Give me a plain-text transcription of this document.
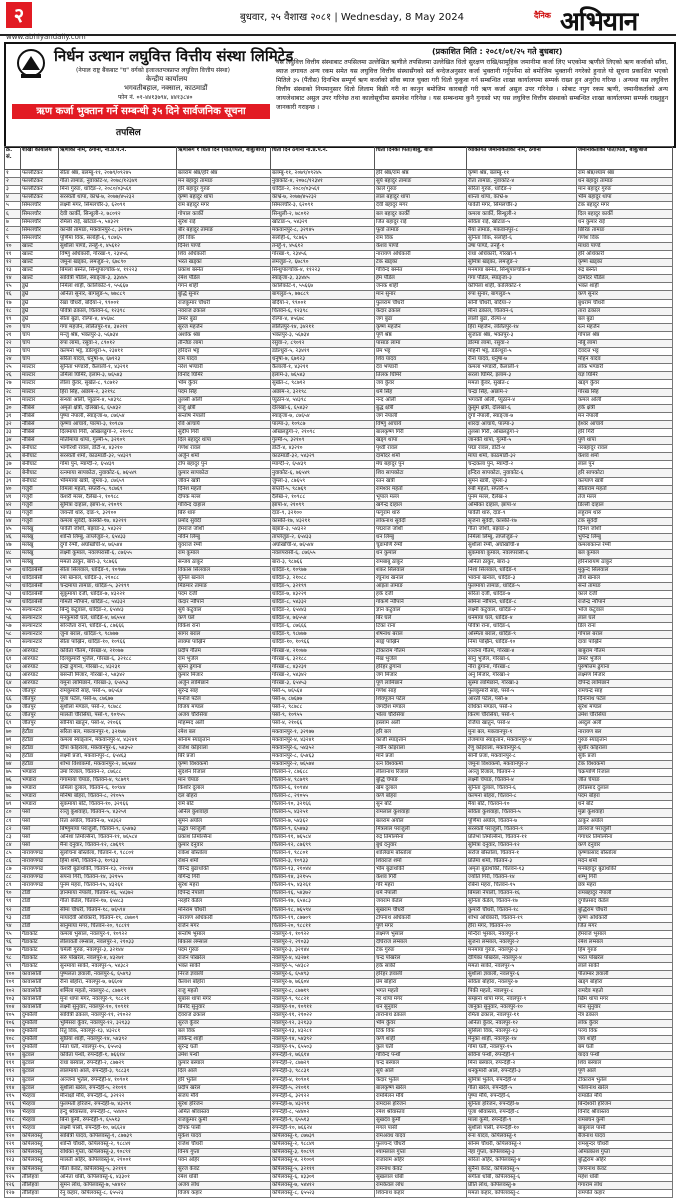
२	बुधवार, २५ वैशाख २०८१ | Wednesday, 8 May 2024	दैनिक अभियान
www.abhiyandaily.com
निर्धन उत्थान लघुवित्त वित्तीय संस्था लिमिटेड
(नेपाल राष्ट्र बैंकबाट "घ" वर्गको इजाजतपत्रप्राप्त लघुवित्त वित्तीय संस्था)
केन्द्रीय कार्यालय
भगवतीबहाल, नक्साल, काठमाडौं
फोन नं. ०१-४४१३७९४, ४४१३८४०
ऋण कर्जा भुक्तान गर्ने सम्बन्धी ३५ दिने सार्वजनिक सूचना
तपसिल
(प्रकाशित मिति : २०८१/०१/२५ गते बुधबार)
यस लघुवित्त वित्तीय संस्थाबाट तपसिलमा उल्लेखित ऋणीले तपसिलमा उल्लेखित धितो सुरक्षण राखि/सामूहिक जमानीमा कर्जा लिए भएकोमा ऋणीले लिएको ऋण कर्जाको साँवा, ब्याज लगायत अन्य रकम समेत यस लघुवित्त वित्तीय संस्थासँगको सर्त बन्देजअनुसार कर्जा भुक्तानी गर्नुपर्नेमा सो बमोजिम भुक्तानी नगरेको हुनाले यो सूचना प्रकाशित भएको मितिले ३५ (पैंतीस) दिनभित्र सम्पूर्ण ऋण कर्जाको साँवा ब्याज चुक्ता गरी धितो फुकुवा गर्न सम्बन्धित शाखा कार्यालयमा सम्पर्क राख्न हुन अनुरोध गरिन्छ । अन्यथा यस लघुवित्त वित्तीय संस्थाको नियमानुसार धितो लिलाम बिक्री गरी वा कानुन बमोजिम कारबाही गरी ऋण कर्जा असुल उपर गरिनेछ । सोबाट नपुग रकम ऋणी, जमानीकर्ताको अन्य जायजेथाबाट असुल उपर गरिनेछ तथा कालोसूचीमा समावेश गरिनेछ । यस सम्बन्धमा कुनै गुनासो भए यस लघुवित्त वित्तीय संस्थाको सम्बन्धित शाखा कार्यालयमा सम्पर्क राख्नुहुन जानकारी गराइन्छ ।
क्र. सं.	शाखा कार्यालय	ऋणीको नाम, ठेगाना, ना.प्र.प.नं.	ऋणीसँग १ धितो दिने (पति/पिता, बाबु/बाजे)	धितो दिने ठेगाना ना.प्र.प.नं.	धितो दिनेको पिता/बाबु, बाजे	व्यक्तिगत जमानीकर्ताको नाम, ठेगाना	जमानीकर्ताको पति/पिता, बाबु/बाजे
१	फल्लेटिकर	सीता श्रेष्ठ, बलम्बु-११, २०७९/०९२४५	बलराम श्रेष्ठ/हरि श्रेष्ठ	बलम्बु-११, २०७९/०९२४५	हरि श्रेष्ठ/राम श्रेष्ठ	कृष्ण श्रेष्ठ, बलम्बु-११	राम श्रेष्ठ/श्याम श्रेष्ठ
२	फल्लेटिकर	गीता तामाङ, नुवाकोट-४, २०७८/१२३४१	मन बहादुर तामाङ	नुवाकोट-४, २०७८/१२३४१	सुर्य बहादुर तामाङ	रीता तामाङ, नुवाकोट-४	धन बहादुर तामाङ
३	फल्लेटिकर	मिना गुरुङ, धादिङ-२, २०८०/०३५६१	हरि बहादुर गुरुङ	धादिङ-२, २०८०/०३५६१	काले गुरुङ	सरिता गुरुङ, धादिङ-२	मान बहादुर गुरुङ
४	फल्लेटिकर	सरस्वती थापा, काभ्रे-७, २०७७/४५२३२	कृष्ण बहादुर थापा	काभ्रे-७, २०७७/४५२३२	लाल बहादुर थापा	शान्ता थापा, काभ्रे-७	भीम बहादुर थापा
५	सिमलचौर	लक्ष्मी मगर, सिमलचौर-३, ६२०९१	राम बहादुर मगर	सिमलचौर-३, ६२०९१	देवी बहादुर मगर	पार्वती मगर, सिमलचौर-३	टेक बहादुर मगर
६	सिमलचौर	देवी कार्की, सिन्धुली-२, ७८०१२	गोपाल कार्की	सिन्धुली-२, ७८०१२	बल बहादुर कार्की	कमला कार्की, सिन्धुली-२	दिल बहादुर कार्की
७	सिमलचौर	रमिला राई, खोटाङ-५, ५४३२१	सुरेश राई	खोटाङ-५, ५४३२१	जित बहादुर राई	सविता राई, खोटाङ-५	धन कुमार राई
८	सिमलचौर	कान्छी तामाङ, मकवानपुर-८, ३२१४५	बीर बहादुर तामाङ	मकवानपुर-८, ३२१४५	फूर्वा तामाङ	मैया तामाङ, मकवानपुर-८	छिरिङ तामाङ
९	सिमलचौर	पूर्णिमा विक, सर्लाही-६, ९८७६५	हरि विक	सर्लाही-६, ९८७६५	राम विक	सुनिता विक, सर्लाही-६	गणेश विक
१०	खाल्टे	सुशीला पाण्डे, तनहुँ-१, ४५६१२	दिनेश पाण्डे	तनहुँ-१, ४५६१२	केशव पाण्डे	उषा पाण्डे, तनहुँ-१	माधव पाण्डे
११	खाल्टे	विष्णु अधिकारी, गोरखा-९, २३४५६	शिव अधिकारी	गोरखा-९, २३४५६	नारायण अधिकारी	राधा अधिकारी, गोरखा-९	हरि अधिकारी
१२	खाल्टे	जमुना खड्का, लमजुङ-२, ६७८९०	भरत खड्का	लमजुङ-२, ६७८९०	टेक खड्का	सुमित्रा खड्का, लमजुङ-२	कृष्ण खड्का
१३	खाल्टे	बिमला बस्नेत, सिन्धुपाल्चोक-४, ११२२३	प्रकाश बस्नेत	सिन्धुपाल्चोक-४, ११२२३	गोविन्द बस्नेत	मनमाया बस्नेत, सिन्धुपाल्चोक-४	रुद्र बस्नेत
१४	खाल्टे	सावित्री पौडेल, स्याङ्जा-३, ३३४४५	रमेश पौडेल	स्याङ्जा-३, ३३४४५	हेम पौडेल	गंगा पौडेल, स्याङ्जा-३	दामोदर पौडेल
१५	डुम्रे	निर्मला शाही, कालिकोट-१, ५५६६७	गगन शाही	कालिकोट-१, ५५६६७	जनक शाही	कोपिला शाही, कालिकोट-१	भक्त शाही
१६	डुम्रे	अनिता सुनार, बागलुङ-५, ७७८८९	बुद्धि सुनार	बागलुङ-५, ७७८८९	मान सुनार	रुपा सुनार, बागलुङ-५	कर्ण सुनार
१७	डुम्रे	रेखा चौधरी, बर्दिया-२, ९९००१	राजकुमार चौधरी	बर्दिया-२, ९९००१	फुलराम चौधरी	सोनी चौधरी, बर्दिया-२	बुधराम चौधरी
१८	डुम्रे	पवित्रा ढकाल, चितवन-६, १२३९८	नवराज ढकाल	चितवन-६, १२३९८	केदार ढकाल	मीना ढकाल, चितवन-६	तारा ढकाल
१९	डुम्रे	सीता बुढा, रोल्पा-४, ४५६७८	डम्बर बुढा	रोल्पा-४, ४५६७८	जग बुढा	लाली बुढा, रोल्पा-४	बल बुढा
२०	चाप	गंगा महर्जन, ललितपुर-१४, ३४२११	सुरज महर्जन	ललितपुर-१४, ३४२११	कृष्ण महर्जन	हिरा महर्जन, ललितपुर-१४	रत्न महर्जन
२१	चाप	मन्जु श्रेष्ठ, भक्तपुर-३, ५६७३४	अशोक श्रेष्ठ	भक्तपुर-३, ५६७३४	पूर्ण श्रेष्ठ	सुजाता श्रेष्ठ, भक्तपुर-३	गोपाल श्रेष्ठ
२२	चाप	रुपा लामा, रसुवा-२, ८९०१२	तेन्जिङ लामा	रसुवा-२, ८९०१२	पासाङ लामा	डोल्मा लामा, रसुवा-२	नोर्बु लामा
२३	चाप	कल्पना भट्ट, डडेल्धुरा-५, २३४११	हरिदत्त भट्ट	डडेल्धुरा-५, २३४११	प्रेम भट्ट	मोहनी भट्ट, डडेल्धुरा-५	देवदत्त भट्ट
२४	चाप	सरिता यादव, धनुषा-७, ६७१२३	राम यादव	धनुषा-७, ६७१२३	शिव यादव	रीना यादव, धनुषा-७	मोहन यादव
२५	माल्टार	सुनिता भण्डारी, कैलाली-१, ४३२११	नरेश भण्डारी	कैलाली-१, ४३२११	देव भण्डारी	कमला भण्डारी, कैलाली-१	लोक भण्डारी
२६	माल्टार	उर्मिला घिमिरे, इलाम-३, ७६५४३	विनोद घिमिरे	इलाम-३, ७६५४३	तिलक घिमिरे	सरला घिमिरे, इलाम-३	यज्ञ घिमिरे
२७	माल्टार	लीला कुँवर, सुर्खेत-८, ९८७१२	भीम कुँवर	सुर्खेत-८, ९८७१२	जय कुँवर	ममता कुँवर, सुर्खेत-८	खड्ग कुँवर
२८	माल्टार	हिरा सिंह, अछाम-२, ३२१९८	पदम सिंह	अछाम-२, ३२१९८	धर्म सिंह	चन्द्रा सिंह, अछाम-२	गोरख सिंह
२९	माल्टार	सन्ध्या ओली, प्युठान-४, ५४३९८	तुलसी ओली	प्युठान-४, ५४३९८	नन्द ओली	भगवती ओली, प्युठान-४	कमल ओली
३०	नौबिसे	अमृता क्षेत्री, दोलखा-६, ६५४३२	राजु क्षेत्री	दोलखा-६, ६५४३२	बुद्ध क्षेत्री	कुसुम क्षेत्री, दोलखा-६	हर्क क्षेत्री
३१	नौबिसे	पुष्पा नेपाली, स्याङ्जा-७, ८७६५४	सन्तोष नेपाली	स्याङ्जा-७, ८७६५४	जग नेपाली	दुर्गा नेपाली, स्याङ्जा-७	मन नेपाली
३२	नौबिसे	कृष्णा आचार्य, पाल्पा-३, १०९८७	रवि आचार्य	पाल्पा-३, १०९८७	विष्णु आचार्य	शारदा आचार्य, पाल्पा-३	ईश्वर आचार्य
३३	नौबिसे	दिलमाया गिरी, ओखलढुंगा-२, २१०९८	सुदीप गिरी	ओखलढुंगा-२, २१०९८	बालकृष्ण गिरी	तुलसा गिरी, ओखलढुंगा-२	हरि गिरी
३४	नौबिसे	मोतीमाया थापा, गुल्मी-५, ३२१०९	दिल बहादुर थापा	गुल्मी-५, ३२१०९	खड्ग थापा	जानकी थापा, गुल्मी-५	पुर्ण थापा
३५	बेनीघाट	भागीरथी रावल, डोटी-४, ४३२१०	गणेश रावल	डोटी-४, ४३२१०	पृथ्वी रावल	पद्मा रावल, डोटी-४	नरबहादुर रावल
३६	बेनीघाट	सरस्वती शर्मा, काठमाडौं-३२, ५४३२९	अर्जुन शर्मा	काठमाडौं-३२, ५४३२९	दामोदर शर्मा	माया शर्मा, काठमाडौं-३२	केशव शर्मा
३७	बेनीघाट	गोमा पुन, म्याग्दी-२, ६५४३९	टोप बहादुर पुन	म्याग्दी-२, ६५४३९	मेघ बहादुर पुन	चन्द्रकला पुन, म्याग्दी-२	लाल पुन
३८	बेनीघाट	रत्नमाया सापकोटा, नुवाकोट-६, ७६५४९	कुमार सापकोटा	नुवाकोट-६, ७६५४९	शिव सापकोटा	इन्दिरा सापकोटा, नुवाकोट-६	हरि सापकोटा
३९	बेनीघाट	भीममाया खत्री, जुम्ला-३, ८७६५९	जीवन खत्री	जुम्ला-३, ८७६५९	रतन खत्री	सुमन खत्री, जुम्ला-३	कल्याण खत्री
४०	गजुरी	विमला महतो, सप्तरी-५, ९८७६९	दिनेश महतो	सप्तरी-५, ९८७६९	रामेश्वर महतो	रुबी महतो, सप्तरी-५	सीताराम महतो
४१	गजुरी	केशरी मल्ल, दैलेख-२, १०९८८	दीपक मल्ल	दैलेख-२, १०९८८	भूपाल मल्ल	पुनम मल्ल, दैलेख-२	तेज मल्ल
४२	गजुरी	सुमित्रा दाहाल, झापा-४, २१०९९	गोविन्द दाहाल	झापा-४, २१०९९	खगेन्द्र दाहाल	अम्बिका दाहाल, झापा-४	डिल्ली दाहाल
४३	गजुरी	जयन्ती थारु, दाङ-९, ३२१००	बिरु थारु	दाङ-९, ३२१००	फगुराम थारु	पार्वती थारु, दाङ-९	लहुराम थारु
४४	गजुरी	कमला सुवेदी, कास्की-१७, ४३२११	प्रमोद सुवेदी	कास्की-१७, ४३२११	लोकनाथ सुवेदी	सृजना सुवेदी, कास्की-१७	टंक सुवेदी
४५	मलेखु	पार्वती जोशी, बझाङ-३, ५४३२२	हेमराज जोशी	बझाङ-३, ५४३२२	पद्मराज जोशी	गीता जोशी, बझाङ-३	दिनेश जोशी
४६	मलेखु	शान्ति लिम्बु, ताप्लेजुङ-२, ६५४३३	नविन लिम्बु	ताप्लेजुङ-२, ६५४३३	धन लिम्बु	निर्मला लिम्बु, ताप्लेजुङ-२	भुपेन्द्र लिम्बु
४७	मलेखु	दुर्गा रेग्मी, अर्घाखाँची-४, ७६५४४	युवराज रेग्मी	अर्घाखाँची-४, ७६५४४	चूडामणि रेग्मी	सुशीला रेग्मी, अर्घाखाँची-४	कमलाकान्त रेग्मी
४८	मलेखु	लक्ष्मी कुमाल, नवलपरासी-६, ८७६५५	राम कुमाल	नवलपरासी-६, ८७६५५	धन कुमाल	सुकमाया कुमाल, नवलपरासी-६	बल कुमाल
४९	मलेखु	ममता ठाकुर, बारा-३, ९८७६६	सन्जय ठाकुर	बारा-३, ९८७६६	रामबाबु ठाकुर	अनिता ठाकुर, बारा-३	हरिनारायण ठाकुर
५०	धादिङबेंसी	सीता सिलवाल, धादिङ-१, १०९७७	विकास सिलवाल	धादिङ-१, १०९७७	शंकर सिलवाल	निशा सिलवाल, धादिङ-१	मुकुन्द सिलवाल
५१	धादिङबेंसी	रमा खनाल, धादिङ-३, २१०८८	सुनिल खनाल	धादिङ-३, २१०८८	रघुनाथ खनाल	भावना खनाल, धादिङ-३	तीर्थ खनाल
५२	धादिङबेंसी	चन्द्रमाया तामाङ, धादिङ-५, ३२१९९	मिङमार तामाङ	धादिङ-५, ३२१९९	आइता तामाङ	फुलमाया तामाङ, धादिङ-५	सन्ते तामाङ
५३	धादिङबेंसी	सुकुमाया दर्जी, धादिङ-७, ४३२२१	पदम दर्जी	धादिङ-७, ४३२२१	हर्के दर्जी	सरिता दर्जी, धादिङ-७	काले दर्जी
५४	धादिङबेंसी	गोमती न्यौपाने, धादिङ-८, ५४३३२	केदार न्यौपाने	धादिङ-८, ५४३३२	गोकर्ण न्यौपाने	समिना न्यौपाने, धादिङ-८	राजेन्द्र न्यौपाने
५५	सल्यानटार	बिन्दु कटुवाल, धादिङ-२, ६५४४३	सुर्य कटुवाल	धादिङ-२, ६५४४३	ज्ञान कटुवाल	लक्ष्मी कटुवाल, धादिङ-२	भोज कटुवाल
५६	सल्यानटार	मनकुमारी घले, धादिङ-४, ७६५५४	कर्ण घले	धादिङ-४, ७६५५४	बिर घले	धनमाया घले, धादिङ-४	लाल घले
५७	सल्यानटार	सञ्जिता राना, धादिङ-६, ८७६६६	विकेश राना	धादिङ-६, ८७६६६	टिका राना	पवित्रा राना, धादिङ-६	डिल राना
५८	सल्यानटार	जुना बराल, धादिङ-९, ९८७७७	सागर बराल	धादिङ-९, ९८७७७	शेषनाथ बराल	अस्मिता बराल, धादिङ-९	गोपाल बराल
५९	सल्यानटार	सीता पाख्रिन, धादिङ-१०, १०९६६	लाक्पा पाख्रिन	धादिङ-१०, १०९६६	साङ्गे पाख्रिन	निमा पाख्रिन, धादिङ-१०	दावा पाख्रिन
६०	आरुघाट	कविता गौतम, गोरखा-४, २१०७७	प्रदीप गौतम	गोरखा-४, २१०७७	टीकाराम गौतम	रञ्जना गौतम, गोरखा-४	बाबुराम गौतम
६१	आरुघाट	दिलकुमारी भुजेल, गोरखा-६, ३२१८८	राम भुजेल	गोरखा-६, ३२१८८	मेख भुजेल	सानु भुजेल, गोरखा-६	डम्बर भुजेल
६२	आरुघाट	इन्द्रा ढुंगाना, गोरखा-८, ४३२३१	सुमन ढुंगाना	गोरखा-८, ४३२३१	हरिहर ढुंगाना	नीरा ढुंगाना, गोरखा-८	पुरुषोत्तम ढुंगाना
६३	आरुघाट	बसन्ती मिजार, गोरखा-२, ५४३४२	कुमार मिजार	गोरखा-२, ५४३४२	जंग मिजार	अनु मिजार, गोरखा-२	लक्ष्मण मिजार
६४	आरुघाट	यमुना लामिछाने, गोरखा-३, ६५४५३	अर्जुन लामिछाने	गोरखा-३, ६५४५३	पूर्ण लामिछाने	सुस्मा लामिछाने, गोरखा-३	दीपेन्द्र लामिछाने
६५	जीतपुर	रामकुमारी साह, पर्सा-५, ७६५६४	सुरेन्द्र साह	पर्सा-५, ७६५६४	गणेश साह	फुलकुमारी साह, पर्सा-५	रामचन्द्र साह
६६	जीतपुर	पूजा पटेल, पर्सा-७, ८७६७७	मनोज पटेल	पर्सा-७, ८७६७७	शिवपूजन पटेल	आरती पटेल, पर्सा-७	दिनानाथ पटेल
६७	जीतपुर	सुशीला मण्डल, पर्सा-२, ९८७८८	विजय मण्डल	पर्सा-२, ९८७८८	जगदीश मण्डल	राधिका मण्डल, पर्सा-२	सुरेश मण्डल
६८	जीतपुर	मालती चौरसिया, पर्सा-९, १०९५५	अजय चौरसिया	पर्सा-९, १०९५५	भोला चौरसिया	किरण चौरसिया, पर्सा-९	उमेश चौरसिया
६९	जीतपुर	सोनिया खातुन, पर्सा-४, २१०६६	मोहम्मद अली	पर्सा-४, २१०६६	इस्लाम अली	रजिया खातुन, पर्सा-४	अब्दुल अली
७०	हेटौंडा	सरिता बल, मकवानपुर-१, ३२१७७	रमेश बल	मकवानपुर-१, ३२१७७	हरि बल	मुना बल, मकवानपुर-१	नारायण बल
७१	हेटौंडा	कमला स्याङ्तान, मकवानपुर-४, ४३२४१	सोनाम स्याङ्तान	मकवानपुर-४, ४३२४१	काजी स्याङ्तान	तेजमाया स्याङ्तान, मकवानपुर-४	गुरुङ स्याङ्तान
७२	हेटौंडा	दीपा कोइराला, मकवानपुर-६, ५४३५२	राजेश कोइराला	मकवानपुर-६, ५४३५२	नवीन कोइराला	रेणु कोइराला, मकवानपुर-६	सुधीर कोइराला
७३	हेटौंडा	लक्ष्मी प्रजा, मकवानपुर-८, ६५४६३	बिरे प्रजा	मकवानपुर-८, ६५४६३	माने प्रजा	सानी प्रजा, मकवानपुर-८	सुके प्रजा
७४	हेटौंडा	शोभा विश्वकर्मा, मकवानपुर-२, ७६५७४	कृष्ण विश्वकर्मा	मकवानपुर-२, ७६५७४	रत्न विश्वकर्मा	जमुना विश्वकर्मा, मकवानपुर-२	टेक विश्वकर्मा
७५	भण्डारा	उमा रिजाल, चितवन-२, ८७६८८	सुदर्शन रिजाल	चितवन-२, ८७६८८	लीलानाथ रिजाल	अञ्जु रिजाल, चितवन-२	चक्रपाणि रिजाल
७६	भण्डारा	गंगामाया चेपाङ, चितवन-४, ९८७९९	मान चेपाङ	चितवन-४, ९८७९९	बुद्धि चेपाङ	लक्ष्मी चेपाङ, चितवन-४	जीत चेपाङ
७७	भण्डारा	प्रमिला दुलाल, चितवन-६, १०९४४	किशोर दुलाल	चितवन-६, १०९४४	खेम दुलाल	सुनिता दुलाल, चितवन-६	हरिप्रसाद दुलाल
७८	भण्डारा	मनिषा बोहरा, चितवन-८, २१०५५	दल बोहरा	चितवन-८, २१०५५	कर्ण बोहरा	कल्पना बोहरा, चितवन-८	पदम बोहरा
७९	भण्डारा	सुकमाया बोटे, चितवन-१०, ३२१६६	रामे बोटे	चितवन-१०, ३२१६६	सुन बोटे	मैया बोटे, चितवन-१०	धने बोटे
८०	पर्सा	रञ्जु कुशवाहा, चितवन-५, ४३२५१	अनिल कुशवाहा	चितवन-५, ४३२५१	रामलाल कुशवाहा	सविता कुशवाहा, चितवन-५	मुन्ना कुशवाहा
८१	पर्सा	रिता अर्याल, चितवन-७, ५४३६२	सुमन अर्याल	चितवन-७, ५४३६२	बलराम अर्याल	पूर्णिमा अर्याल, चितवन-७	ठाकुर अर्याल
८२	पर्सा	बिष्णुमाया पराजुली, चितवन-९, ६५४७३	उद्धव पराजुली	चितवन-९, ६५४७३	मित्रलाल पराजुली	सरस्वती पराजुली, चितवन-९	डोलराज पराजुली
८३	पर्सा	अनिशा तिमल्सिना, चितवन-११, ७६५८४	प्रकाश तिमल्सिना	चितवन-११, ७६५८४	रुद्र तिमल्सिना	प्रतिभा तिमल्सिना, चितवन-११	गंगाधर तिमल्सिना
८४	पर्सा	मैना दनुवार, चितवन-१२, ८७६९९	कुमार दनुवार	चितवन-१२, ८७६९९	बुधे दनुवार	सुमित्रा दनुवार, चितवन-१२	कर्णे दनुवार
८५	नारायणगढ	सुलोचना बाँस्तोला, चितवन-१, ९८८०१	राकेश बाँस्तोला	चितवन-१, ९८८०१	शालिग्राम बाँस्तोला	सरोज बाँस्तोला, चितवन-१	कृष्णप्रसाद बाँस्तोला
८६	नारायणगढ	हिमा शर्मा, चितवन-३, १०९३३	रोशन शर्मा	चितवन-३, १०९३३	शिवराज शर्मा	प्रतिमा शर्मा, चितवन-३	मदन शर्मा
८७	नारायणगढ	केशरी बुढाथोकी, चितवन-१३, २१०४४	वीरेन्द्र बुढाथोकी	चितवन-१३, २१०४४	भीम बुढाथोकी	अमृता बुढाथोकी, चितवन-१३	मनबहादुर बुढाथोकी
८८	नारायणगढ	सपना गिरी, चितवन-१४, ३२१५५	योगेन्द्र गिरी	चितवन-१४, ३२१५५	केशव गिरी	ज्योति गिरी, चितवन-१४	शम्भु गिरी
८९	नारायणगढ	पुनम महरा, चितवन-१५, ४३२६१	सुरेश महरा	चितवन-१५, ४३२६१	गोरे महरा	रबिना महरा, चितवन-१५	छत्र महरा
९०	टाँडी	ज्ञानमाया नेपाली, चितवन-१६, ५४३७२	दिपेन्द्र नेपाली	चितवन-१६, ५४३७२	धर्मे नेपाली	बिमला नेपाली, चितवन-१६	रामबहादुर नेपाली
९१	टाँडी	गीता कँडेल, चितवन-१७, ६५४८३	नरहरि कँडेल	चितवन-१७, ६५४८३	जयराम कँडेल	सुनिता कँडेल, चितवन-१७	दुर्गाप्रसाद कँडेल
९२	टाँडी	सीमा चौधरी, चितवन-१८, ७६५९४	मनिराम चौधरी	चितवन-१८, ७६५९४	सुखराम चौधरी	कुमारी चौधरी, चितवन-१८	बुद्धिराम चौधरी
९३	टाँडी	मायादेवी अधिकारी, चितवन-१९, ८७७०९	नारायण अधिकारी	चितवन-१९, ८७७०९	टोपनाथ अधिकारी	शोभा अधिकारी, चितवन-१९	कृष्ण अधिकारी
९४	टाँडी	सानुमाया मगर, चितवन-२०, ९८८११	राजेन मगर	चितवन-२०, ९८८११	पुर्णे मगर	हीरा मगर, चितवन-२०	जित मगर
९५	गैंडाकोट	कमला भुसाल, नवलपुर-१, १०९२२	सन्तोष भुसाल	नवलपुर-१, १०९२२	लक्ष्मण भुसाल	मन्दिरा भुसाल, नवलपुर-१	हेमराज भुसाल
९६	गैंडाकोट	लीलावती लम्साल, नवलपुर-२, २१०३३	बिकास लम्साल	नवलपुर-२, २१०३३	दीर्घराज लम्साल	सुजना लम्साल, नवलपुर-२	रमेश लम्साल
९७	गैंडाकोट	चमेली गुरुङ, नवलपुर-३, ३२१४४	पदम गुरुङ	नवलपुर-३, ३२१४४	टेक गुरुङ	मनमाया गुरुङ, नवलपुर-३	हिम गुरुङ
९८	गैंडाकोट	सरु पोखरेल, नवलपुर-४, ४३२७१	राजन पोखरेल	नवलपुर-४, ४३२७१	चन्द्र पोखरेल	दीपिका पोखरेल, नवलपुर-४	भरत पोखरेल
९९	गैंडाकोट	सुनमाया सार्की, नवलपुर-५, ५४३८२	भक्त सार्की	नवलपुर-५, ५४३८२	हर्क सार्की	ममता सार्की, नवलपुर-५	लाले सार्की
१००	कावासोती	पुष्पलता ज्ञवाली, नवलपुर-६, ६५४९३	निरज ज्ञवाली	नवलपुर-६, ६५४९३	हरिहर ज्ञवाली	सुशीला ज्ञवाली, नवलपुर-६	पीताम्बर ज्ञवाली
१०१	कावासोती	रीना बोहोरा, नवलपुर-७, ७६६०४	कैलाश बोहोरा	नवलपुर-७, ७६६०४	प्रेम बोहोरा	सविता बोहोरा, नवलपुर-७	खड्ग बोहोरा
१०२	कावासोती	शर्मिला महतो, नवलपुर-८, ८७७१९	राजु महतो	नवलपुर-८, ८७७१९	भगत महतो	पिंकी महतो, नवलपुर-८	रामदेव महतो
१०३	कावासोती	मुना थापा मगर, नवलपुर-९, ९८८२१	सुबास थापा मगर	नवलपुर-९, ९८८२१	नर थापा मगर	सम्झना थापा मगर, नवलपुर-९	खिम थापा मगर
१०४	कावासोती	लक्ष्मी सुनुवार, नवलपुर-१०, १०९११	बिनोद सुनुवार	नवलपुर-१०, १०९११	धन सुनुवार	जानुका सुनुवार, नवलपुर-१०	मान सुनुवार
१०५	दुम्कौली	सावित्री ढकाल, नवलपुर-११, २१०२२	देवराज ढकाल	नवलपुर-११, २१०२२	तारानाथ ढकाल	रमिता ढकाल, नवलपुर-११	नेत्र ढकाल
१०६	दुम्कौली	भुमिसरा कुँवर, नवलपुर-१२, ३२१३३	सुरज कुँवर	नवलपुर-१२, ३२१३३	भीम कुँवर	अनिता कुँवर, नवलपुर-१२	लोक कुँवर
१०७	दुम्कौली	रितु विक, नवलपुर-१३, ४३२८१	बल विक	नवलपुर-१३, ४३२८१	टिके विक	सुसिला विक, नवलपुर-१३	पञ्च विक
१०८	दुम्कौली	सुप्रिया शाही, नवलपुर-१४, ५४३९२	लोकेन्द्र शाही	नवलपुर-१४, ५४३९२	कर्ण शाही	मेनुका शाही, नवलपुर-१४	जय शाही
१०९	दुम्कौली	निता घर्ती, नवलपुर-१५, ६५५०३	सुरेन्द्र घर्ती	नवलपुर-१५, ६५५०३	कुल घर्ती	गोमा घर्ती, नवलपुर-१५	बम घर्ती
११०	बुटवल	कविता पन्थी, रुपन्देही-१, ७६६१४	उमेश पन्थी	रुपन्देही-१, ७६६१४	गोविन्द पन्थी	सविना पन्थी, रुपन्देही-१	यादव पन्थी
१११	बुटवल	राधा बस्याल, रुपन्देही-२, ८७७२९	कुमार बस्याल	रुपन्देही-२, ८७७२९	चन्द्र बस्याल	मिना बस्याल, रुपन्देही-२	शिव बस्याल
११२	बुटवल	लालमाया आले, रुपन्देही-३, ९८८३१	दिल आले	रुपन्देही-३, ९८८३१	सुर्य आले	धनकुमारी आले, रुपन्देही-३	पूर्ण आले
११३	बुटवल	अञ्जना भुर्तेल, रुपन्देही-४, १०९०१	हरि भुर्तेल	रुपन्देही-४, १०९०१	केदार भुर्तेल	सुमित्रा भुर्तेल, रुपन्देही-४	टीकाराम भुर्तेल
११४	बुटवल	सुशीला खरेल, रुपन्देही-५, २१०११	प्रदीप खरेल	रुपन्देही-५, २१०११	बालकृष्ण खरेल	गीता खरेल, रुपन्देही-५	भोलानाथ खरेल
११५	भैरहवा	मीनाक्षी मौर्य, रुपन्देही-६, ३२१२२	संजय मौर्य	रुपन्देही-६, ३२१२२	राममिलन मौर्य	पुष्पा मौर्य, रुपन्देही-६	रामप्रीत मौर्य
११६	भैरहवा	फुलमती हरिजन, रुपन्देही-७, ४३२९१	सुरेश हरिजन	रुपन्देही-७, ४३२९१	रामदास हरिजन	सुनिता हरिजन, रुपन्देही-७	बिन्देश्वरी हरिजन
११७	भैरहवा	इन्दु श्रीवास्तव, रुपन्देही-८, ५४४०२	अमित श्रीवास्तव	रुपन्देही-८, ५४४०२	रमेश श्रीवास्तव	पूजा श्रीवास्तव, रुपन्देही-८	विनोद श्रीवास्तव
११८	भैरहवा	बिना कुर्मी, रुपन्देही-९, ६५५१३	राजकुमार कुर्मी	रुपन्देही-९, ६५५१३	सुखदेव कुर्मी	माला कुर्मी, रुपन्देही-९	रामबचन कुर्मी
११९	भैरहवा	लक्ष्मी पासी, रुपन्देही-१०, ७६६२४	दीपक पासी	रुपन्देही-१०, ७६६२४	मंगल पासी	सुशीला पासी, रुपन्देही-१०	बाबुलाल पासी
१२०	कपिलवस्तु	साबित्री यादव, कपिलवस्तु-१, ८७७३९	मुकेश यादव	कपिलवस्तु-१, ८७७३९	रामअवध यादव	रुना यादव, कपिलवस्तु-१	बैजनाथ यादव
१२१	कपिलवस्तु	शान्ति चौधरी, कपिलवस्तु-२, ९८८४१	राजेश चौधरी	कपिलवस्तु-२, ९८८४१	फुलचन्द चौधरी	सोनम चौधरी, कपिलवस्तु-२	रामसुन्दर चौधरी
१२२	कपिलवस्तु	राधिका गुप्ता, कपिलवस्तु-३, १०८९१	विनय गुप्ता	कपिलवस्तु-३, १०८९१	श्यामलाल गुप्ता	नेहा गुप्ता, कपिलवस्तु-३	ओमप्रकाश गुप्ता
१२३	कपिलवस्तु	मालती अहिर, कपिलवस्तु-४, २१००१	पवन अहिर	कपिलवस्तु-४, २१००१	राजाराम अहिर	सरिता अहिर, कपिलवस्तु-४	बुद्धिराम अहिर
१२४	कपिलवस्तु	गीता केवट, कपिलवस्तु-५, ३२१११	सुरज केवट	कपिलवस्तु-५, ३२१११	रामनाथ केवट	सुनैना केवट, कपिलवस्तु-५	जगरनाथ केवट
१२५	तौलिहवा	अनिता धोबी, कपिलवस्तु-६, ४३३०१	रमेश धोबी	कपिलवस्तु-६, ४३३०१	सुखलाल धोबी	संगीता धोबी, कपिलवस्तु-६	महेश धोबी
१२६	तौलिहवा	सुमन लोध, कपिलवस्तु-७, ५४४१२	अजय लोध	कपिलवस्तु-७, ५४४१२	रामकेवल लोध	प्रीति लोध, कपिलवस्तु-७	गंगाराम लोध
१२७	तौलिहवा	रेनु कहार, कपिलवस्तु-८, ६५५२३	विजय कहार	कपिलवस्तु-८, ६५५२३	शिवनाथ कहार	ममता कहार, कपिलवस्तु-८	रामपति कहार
